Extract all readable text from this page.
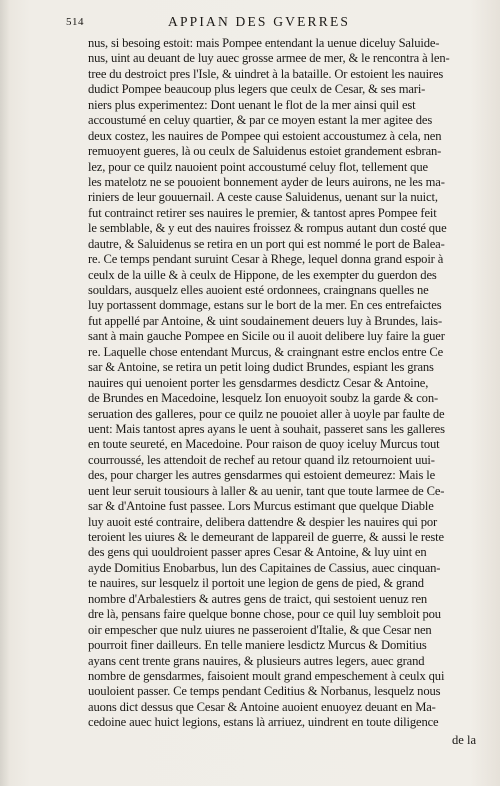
514	APPIAN DES GVERRES
nus, si besoing estoit: mais Pompee entendant la uenue diceluy Saluide-
nus, uint au deuant de luy auec grosse armee de mer, & le rencontra à len-
tree du destroict pres l'Isle, & uindret à la bataille. Or estoient les nauires
dudict Pompee beaucoup plus legers que ceulx de Cesar, & ses mari-
niers plus experimentez: Dont uenant le flot de la mer ainsi quil est
accoustumé en celuy quartier, & par ce moyen estant la mer agitee des
deux costez, les nauires de Pompee qui estoient accoustumez à cela, nen
remuoyent gueres, là ou ceulx de Saluidenus estoiet grandement esbran-
lez, pour ce quilz nauoient point accoustumé celuy flot, tellement que
les matelotz ne se pouoient bonnement ayder de leurs auirons, ne les ma-
riniers de leur gouuernail. A ceste cause Saluidenus, uenant sur la nuict,
fut contrainct retirer ses nauires le premier, & tantost apres Pompee feit
le semblable, & y eut des nauires froissez & rompus autant dun costé que
dautre, & Saluidenus se retira en un port qui est nommé le port de Balea-
re. Ce temps pendant suruint Cesar à Rhege, lequel donna grand espoir à
ceulx de la uille & à ceulx de Hippone, de les exempter du guerdon des
souldars, ausquelz elles auoient esté ordonnees, craingnans quelles ne
luy portassent dommage, estans sur le bort de la mer. En ces entrefaictes
fut appellé par Antoine, & uint soudainement deuers luy à Brundes, lais-
sant à main gauche Pompee en Sicile ou il auoit delibere luy faire la guer
re. Laquelle chose entendant Murcus, & craingnant estre enclos entre Ce
sar & Antoine, se retira un petit loing dudict Brundes, espiant les grans
nauires qui uenoient porter les gensdarmes desdictz Cesar & Antoine,
de Brundes en Macedoine, lesquelz Ion enuoyoit soubz la garde & con-
seruation des galleres, pour ce quilz ne pouoiet aller à uoyle par faulte de
uent: Mais tantost apres ayans le uent à souhait, passeret sans les galleres
en toute seureté, en Macedoine. Pour raison de quoy iceluy Murcus tout
courroussé, les attendoit de rechef au retour quand ilz retournoient uui-
des, pour charger les autres gensdarmes qui estoient demeurez: Mais le
uent leur seruit tousiours à laller & au uenir, tant que toute larmee de Ce-
sar & d'Antoine fust passee. Lors Murcus estimant que quelque Diable
luy auoit esté contraire, delibera dattendre & despier les nauires qui por
teroient les uiures & le demeurant de lappareil de guerre, & aussi le reste
des gens qui uouldroient passer apres Cesar & Antoine, & luy uint en
ayde Domitius Enobarbus, lun des Capitaines de Cassius, auec cinquan-
te nauires, sur lesquelz il portoit une legion de gens de pied, & grand
nombre d'Arbalestiers & autres gens de traict, qui sestoient uenuz ren
dre là, pensans faire quelque bonne chose, pour ce quil luy sembloit pou
oir empescher que nulz uiures ne passeroient d'Italie, & que Cesar nen
pourroit finer dailleurs. En telle maniere lesdictz Murcus & Domitius
ayans cent trente grans nauires, & plusieurs autres legers, auec grand
nombre de gensdarmes, faisoient moult grand empeschement à ceulx qui
uouloient passer. Ce temps pendant Ceditius & Norbanus, lesquelz nous
auons dict dessus que Cesar & Antoine auoient enuoyez deuant en Ma-
cedoine auec huict legions, estans là arriuez, uindrent en toute diligence
de la
